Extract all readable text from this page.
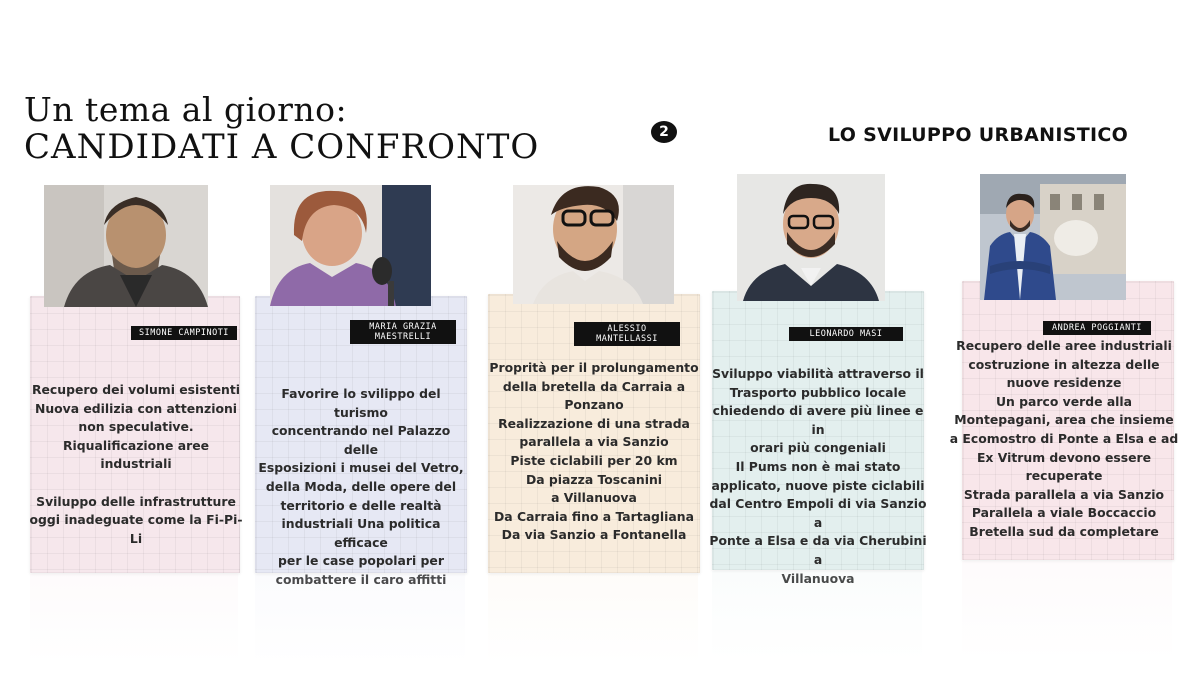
Un tema al giorno:
CANDIDATI A CONFRONTO	2	LO SVILUPPO URBANISTICO
Recupero dei volumi esistenti
Nuova edilizia con attenzioni
non speculative.
Riqualificazione aree industriali

Sviluppo delle infrastrutture
oggi inadeguate come la Fi-Pi-Li
SIMONE CAMPINOTI
Favorire lo svilippo del turismo
concentrando nel Palazzo delle
Esposizioni i musei del Vetro,
della Moda, delle opere del
territorio e delle realtà
industriali Una politica efficace
per le case popolari per
combattere il caro affitti
MARIA GRAZIA
MAESTRELLI
Proprità per il prolungamento
della bretella da Carraia a
Ponzano
Realizzazione di una strada
parallela a via Sanzio
Piste ciclabili per 20 km
Da piazza Toscanini
a Villanuova
Da Carraia fino a Tartagliana
Da via Sanzio a Fontanella
ALESSIO
MANTELLASSI
Sviluppo viabilità attraverso il
Trasporto pubblico locale
chiedendo di avere più linee e in
orari più congeniali
Il Pums non è mai stato
applicato, nuove piste ciclabili
dal Centro Empoli di via Sanzio a
Ponte a Elsa e da via Cherubini a
Villanuova
LEONARDO MASI
Recupero delle aree industriali
costruzione in altezza delle
nuove residenze
Un parco verde alla
Montepagani, area che insieme
a Ecomostro di Ponte a Elsa e ad
Ex Vitrum devono essere
recuperate
Strada parallela a via Sanzio
Parallela a viale Boccaccio
Bretella sud da completare
ANDREA POGGIANTI
